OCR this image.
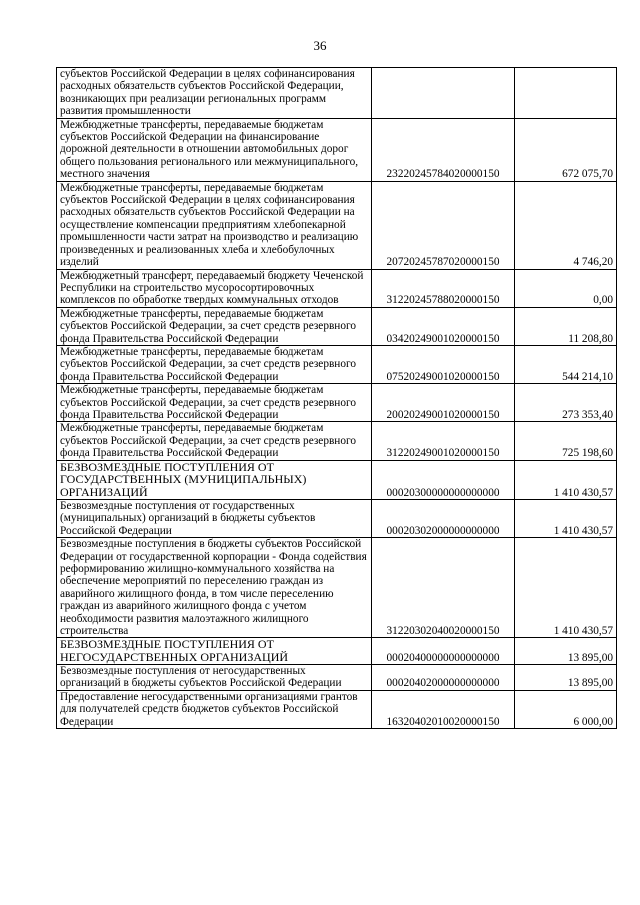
36
субъектов Российской Федерации в целях софинансирования расходных обязательств субъектов Российской Федерации, возникающих при реализации региональных программ развития промышленности		
Межбюджетные трансферты, передаваемые бюджетам субъектов Российской Федерации на финансирование дорожной деятельности в отношении автомобильных дорог общего пользования регионального или межмуниципального, местного значения	23220245784020000150	672 075,70
Межбюджетные трансферты, передаваемые бюджетам субъектов Российской Федерации в целях софинансирования расходных обязательств субъектов Российской Федерации на осуществление компенсации предприятиям хлебопекарной промышленности части затрат на производство и реализацию произведенных и реализованных хлеба и хлебобулочных изделий	20720245787020000150	4 746,20
Межбюджетный трансферт, передаваемый бюджету Чеченской Республики на строительство мусоросортировочных комплексов по обработке твердых коммунальных отходов	31220245788020000150	0,00
Межбюджетные трансферты, передаваемые бюджетам субъектов Российской Федерации, за счет средств резервного фонда Правительства Российской Федерации	03420249001020000150	11 208,80
Межбюджетные трансферты, передаваемые бюджетам субъектов Российской Федерации, за счет средств резервного фонда Правительства Российской Федерации	07520249001020000150	544 214,10
Межбюджетные трансферты, передаваемые бюджетам субъектов Российской Федерации, за счет средств резервного фонда Правительства Российской Федерации	20020249001020000150	273 353,40
Межбюджетные трансферты, передаваемые бюджетам субъектов Российской Федерации, за счет средств резервного фонда Правительства Российской Федерации	31220249001020000150	725 198,60
БЕЗВОЗМЕЗДНЫЕ ПОСТУПЛЕНИЯ ОТ ГОСУДАРСТВЕННЫХ (МУНИЦИПАЛЬНЫХ) ОРГАНИЗАЦИЙ	00020300000000000000	1 410 430,57
Безвозмездные поступления от государственных (муниципальных) организаций в бюджеты субъектов Российской Федерации	00020302000000000000	1 410 430,57
Безвозмездные поступления в бюджеты субъектов Российской Федерации от государственной корпорации - Фонда содействия реформированию жилищно-коммунального хозяйства на обеспечение мероприятий по переселению граждан из аварийного жилищного фонда, в том числе переселению граждан из аварийного жилищного фонда с учетом необходимости развития малоэтажного жилищного строительства	31220302040020000150	1 410 430,57
БЕЗВОЗМЕЗДНЫЕ ПОСТУПЛЕНИЯ ОТ НЕГОСУДАРСТВЕННЫХ ОРГАНИЗАЦИЙ	00020400000000000000	13 895,00
Безвозмездные поступления от негосударственных организаций в бюджеты субъектов Российской Федерации	00020402000000000000	13 895,00
Предоставление негосударственными организациями грантов для получателей средств бюджетов субъектов Российской Федерации	16320402010020000150	6 000,00
